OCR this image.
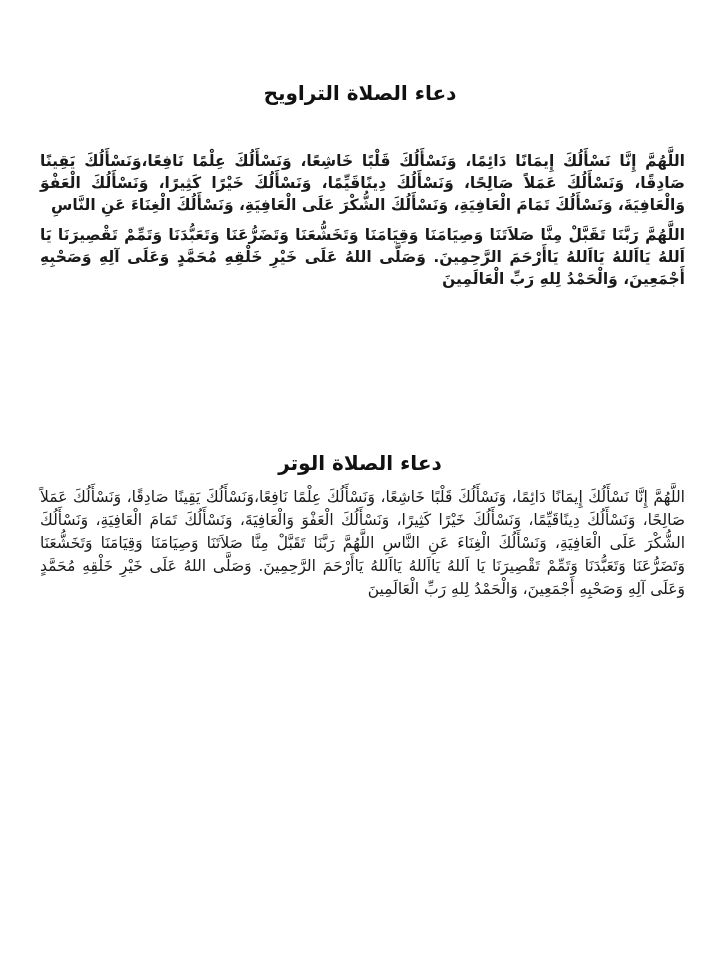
دعاء الصلاة التراويح

اللَّهُمَّ إِنَّا نَسْأَلُكَ إِيمَانًا دَائِمًا، وَنَسْأَلُكَ قَلْبًا خَاشِعًا، وَنَسْأَلُكَ عِلْمًا نَافِعًا،وَنَسْأَلُكَ يَقِينًا صَادِقًا، وَنَسْأَلُكَ عَمَلاً صَالِحًا، وَنَسْأَلُكَ دِينًاقَيِّمًا، وَنَسْأَلُكَ خَيْرًا كَثِيرًا، وَنَسْأَلُكَ الْعَفْوَ وَالْعَافِيَةَ، وَنَسْأَلُكَ تَمَامَ الْعَافِيَةِ، وَنَسْأَلُكَ الشُّكْرَ عَلَى الْعَافِيَةِ، وَنَسْأَلُكَ الْغِنَاءَ عَنِ النَّاسِ

اللَّهُمَّ رَبَّنَا تَقَبَّلْ مِنَّا صَلاَتَنَا وَصِيَامَنَا وَقِيَامَنَا وَتَخَشُّعَنَا وَتَضَرُّعَنَا وَتَعَبُّدَنَا وَتَمِّمْ تَقْصِيرَنَا يَا اَللهُ يَااَللهُ يَااَللهُ يَاأَرْحَمَ الرَّحِمِينَ. وَصَلَّى اللهُ عَلَى خَيْرِ خَلْقِهِ مُحَمَّدٍ وَعَلَى آلِهِ وَصَحْبِهِ أَجْمَعِينَ، وَالْحَمْدُ لِلهِ رَبِّ الْعَالَمِينَ

دعاء الصلاة الوتر

اللَّهُمَّ إِنَّا نَسْأَلُكَ إِيمَانًا دَائِمًا، وَنَسْأَلُكَ قَلْبًا خَاشِعًا، وَنَسْأَلُكَ عِلْمًا نَافِعًا،وَنَسْأَلُكَ يَقِينًا صَادِقًا، وَنَسْأَلُكَ عَمَلاً صَالِحًا، وَنَسْأَلُكَ دِينًاقَيِّمًا، وَنَسْأَلُكَ خَيْرًا كَثِيرًا، وَنَسْأَلُكَ الْعَفْوَ وَالْعَافِيَةَ، وَنَسْأَلُكَ تَمَامَ الْعَافِيَةِ، وَنَسْأَلُكَ الشُّكْرَ عَلَى الْعَافِيَةِ، وَنَسْأَلُكَ الْغِنَاءَ عَنِ النَّاسِ اللَّهُمَّ رَبَّنَا تَقَبَّلْ مِنَّا صَلاَتَنَا وَصِيَامَنَا وَقِيَامَنَا وَتَخَشُّعَنَا وَتَضَرُّعَنَا وَتَعَبُّدَنَا وَتَمِّمْ تَقْصِيرَنَا يَا اَللهُ يَااَللهُ يَااَللهُ يَاأَرْحَمَ الرَّحِمِينَ. وَصَلَّى اللهُ عَلَى خَيْرِ خَلْقِهِ مُحَمَّدٍ وَعَلَى آلِهِ وَصَحْبِهِ أَجْمَعِينَ، وَالْحَمْدُ لِلهِ رَبِّ الْعَالَمِينَ
